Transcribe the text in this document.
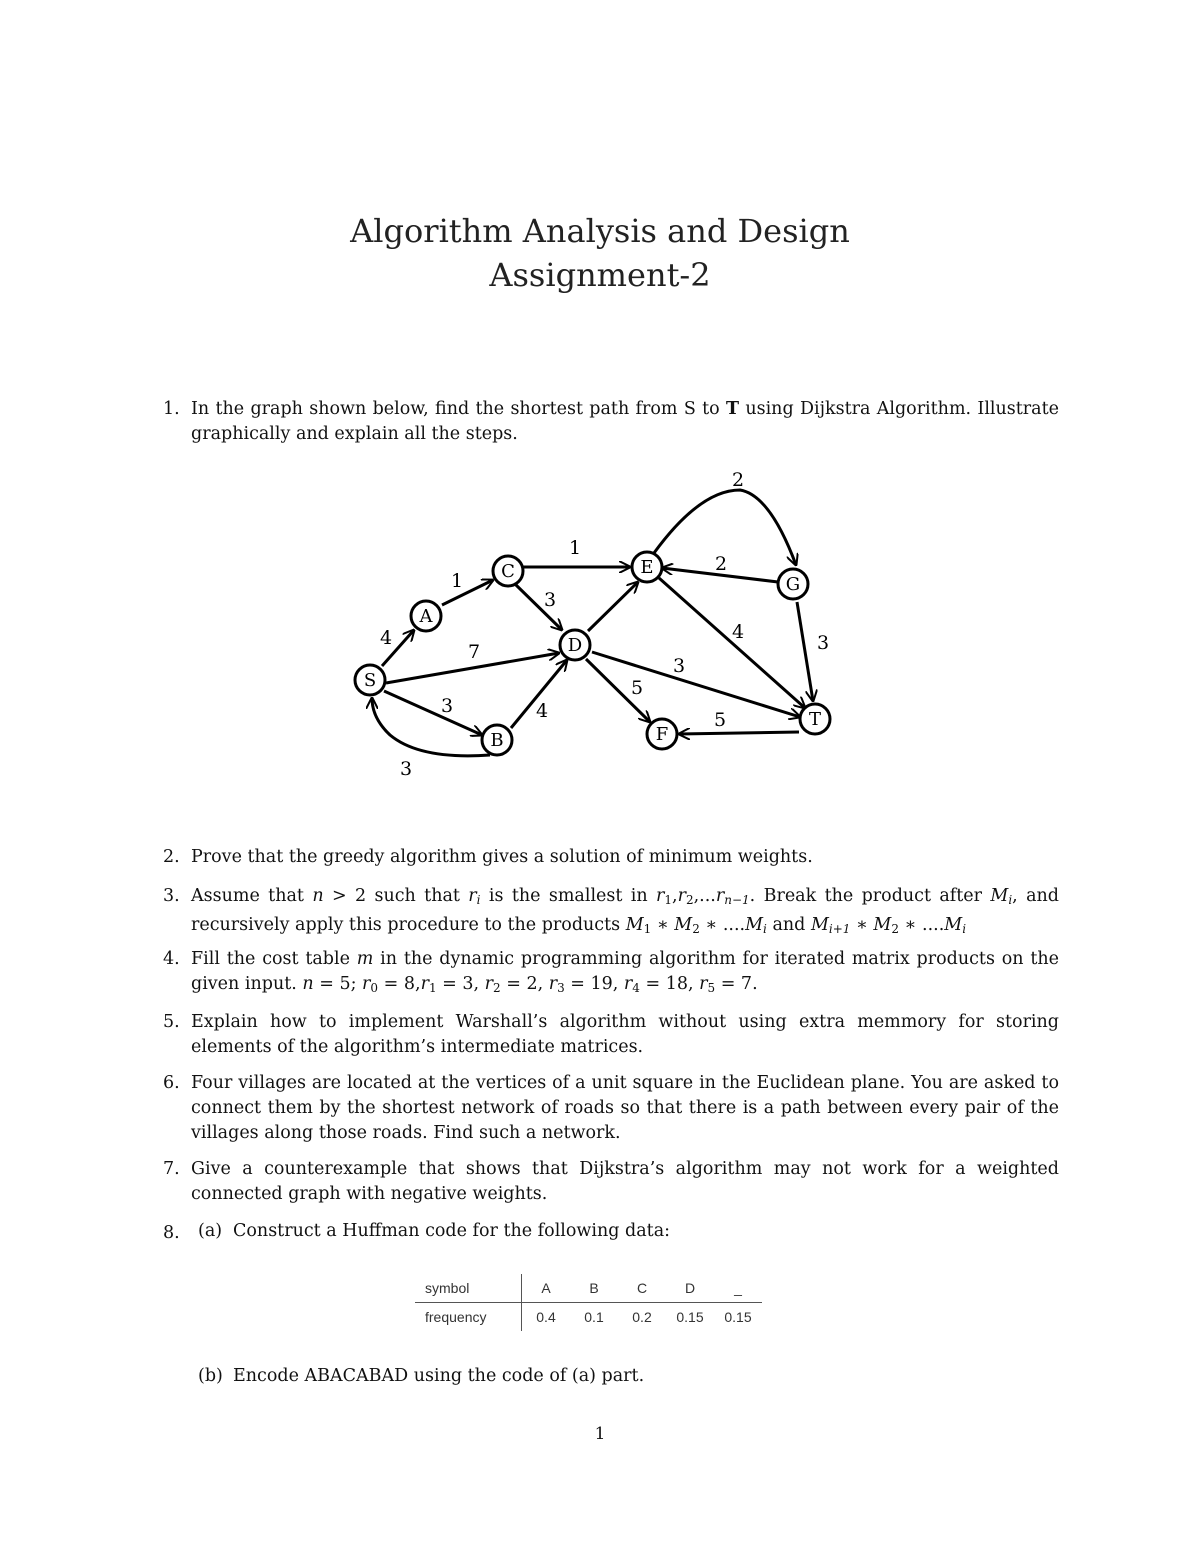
Algorithm Analysis and Design
Assignment-2
1. In the graph shown below, find the shortest path from S to T using Dijkstra Algorithm. Illustrate graphically and explain all the steps.
S
A
B
C
D
E
F
G
T
4
1
1
3
7
3
3
4
5
3
4
2
2
3
5
2. Prove that the greedy algorithm gives a solution of minimum weights.
3. Assume that n > 2 such that $r_i$ is the smallest in $r_1,r_2,...r_{n-1}$. Break the product after $M_i$, and recursively apply this procedure to the products $M_1$ ∗ $M_2$ ∗ $....M_i$ and $M_{i+1}$ ∗ $M_2$ ∗ $....M_i$
4. Fill the cost table m in the dynamic programming algorithm for iterated matrix products on the given input. n = 5; $r_0 = 8,r_1 = 3$, $r_2 = 2$, $r_3 = 19$, $r_4 = 18$, $r_5 = 7$.
5. Explain how to implement Warshall’s algorithm without using extra memmory for storing elements of the algorithm’s intermediate matrices.
6. Four villages are located at the vertices of a unit square in the Euclidean plane. You are asked to connect them by the shortest network of roads so that there is a path between every pair of the villages along those roads. Find such a network.
7. Give a counterexample that shows that Dijkstra’s algorithm may not work for a weighted connected graph with negative weights.
8. (a) Construct a Huffman code for the following data:
symbol	A	B	C	D	_
frequency	0.4	0.1	0.2	0.15	0.15
(b) Encode ABACABAD using the code of (a) part.
1
